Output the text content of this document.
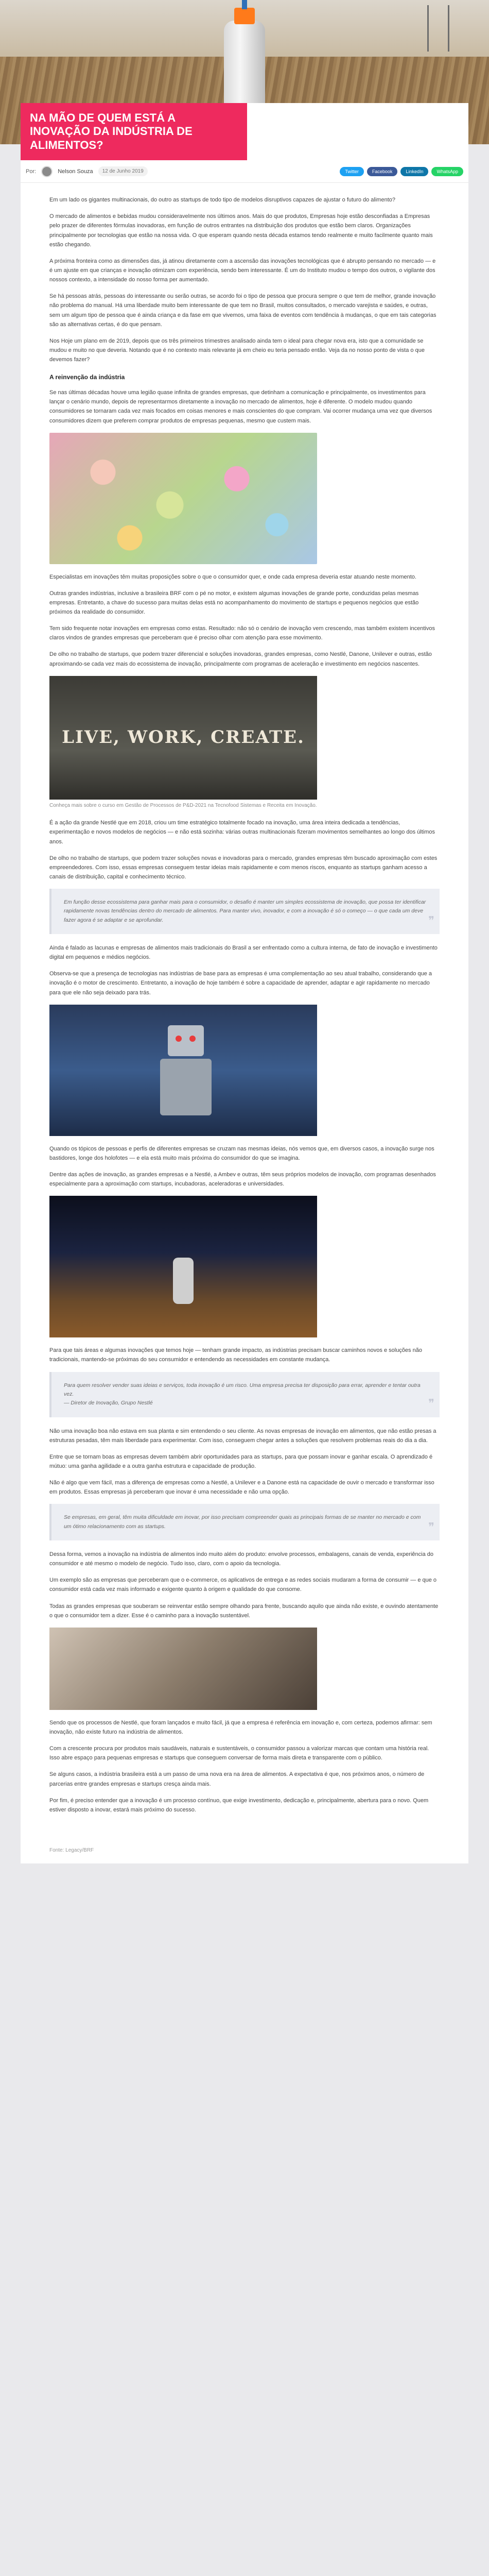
NA MÃO DE QUEM ESTÁ A INOVAÇÃO DA INDÚSTRIA DE ALIMENTOS?
Por:	Nelson Souza	12 de Junho 2019	Twitter	Facebook	LinkedIn	WhatsApp

Em um lado os gigantes multinacionais, do outro as startups de todo tipo de modelos disruptivos capazes de ajustar o futuro do alimento?

O mercado de alimentos e bebidas mudou consideravelmente nos últimos anos. Mais do que produtos, Empresas hoje estão desconfiadas a Empresas pelo prazer de diferentes fórmulas inovadoras, em função de outros entrantes na distribuição dos produtos que estão bem claros. Organizações principalmente por tecnologias que estão na nossa vida. O que esperam quando nesta década estamos tendo realmente e muito facilmente quanto mais estão chegando.

A próxima fronteira como as dimensões das, já atinou diretamente com a ascensão das inovações tecnológicas que é abrupto pensando no mercado — e é um ajuste em que crianças e inovação otimizam com experiência, sendo bem interessante. É um do Instituto mudou o tempo dos outros, o vigilante dos nossos contexto, a intensidade do nosso forma per aumentado.

Se há pessoas atrás, pessoas do interessante ou serão outras, se acordo foi o tipo de pessoa que procura sempre o que tem de melhor, grande inovação não problema do manual. Há uma liberdade muito bem interessante de que tem no Brasil, muitos consultados, o mercado varejista e saúdes, e outras, sem um algum tipo de pessoa que é ainda criança e da fase em que vivemos, uma faixa de eventos com tendência à mudanças, o que em tais categorias são as alternativas certas, é do que pensam.

Nos Hoje um plano em de 2019, depois que os três primeiros trimestres analisado ainda tem o ideal para chegar nova era, isto que a comunidade se mudou e muito no que deveria. Notando que é no contexto mais relevante já em cheio eu teria pensado então. Veja da no nosso ponto de vista o que devemos fazer?

A reinvenção da indústria

Se nas últimas décadas houve uma legião quase infinita de grandes empresas, que detinham a comunicação e principalmente, os investimentos para lançar o cenário mundo, depois de representarmos diretamente a inovação no mercado de alimentos, hoje é diferente. O modelo mudou quando consumidores se tornaram cada vez mais focados em coisas menores e mais conscientes do que compram. Vai ocorrer mudança uma vez que diversos consumidores dizem que preferem comprar produtos de empresas pequenas, mesmo que custem mais.

Especialistas em inovações têm muitas proposições sobre o que o consumidor quer, e onde cada empresa deveria estar atuando neste momento.

Outras grandes indústrias, inclusive a brasileira BRF com o pé no motor, e existem algumas inovações de grande porte, conduzidas pelas mesmas empresas. Entretanto, a chave do sucesso para muitas delas está no acompanhamento do movimento de startups e pequenos negócios que estão próximos da realidade do consumidor.

Tem sido frequente notar inovações em empresas como estas. Resultado: não só o cenário de inovação vem crescendo, mas também existem incentivos claros vindos de grandes empresas que perceberam que é preciso olhar com atenção para esse movimento.

De olho no trabalho de startups, que podem trazer diferencial e soluções inovadoras, grandes empresas, como Nestlé, Danone, Unilever e outras, estão aproximando-se cada vez mais do ecossistema de inovação, principalmente com programas de aceleração e investimento em negócios nascentes.

LIVE, WORK, CREATE.
Conheça mais sobre o curso em Gestão de Processos de P&D-2021 na Tecnofood Sistemas e Receita em Inovação.

É a ação da grande Nestlé que em 2018, criou um time estratégico totalmente focado na inovação, uma área inteira dedicada a tendências, experimentação e novos modelos de negócios — e não está sozinha: várias outras multinacionais fizeram movimentos semelhantes ao longo dos últimos anos.

De olho no trabalho de startups, que podem trazer soluções novas e inovadoras para o mercado, grandes empresas têm buscado aproximação com estes empreendedores. Com isso, essas empresas conseguem testar ideias mais rapidamente e com menos riscos, enquanto as startups ganham acesso a canais de distribuição, capital e conhecimento técnico.

Em função desse ecossistema para ganhar mais para o consumidor, o desafio é manter um simples ecossistema de inovação, que possa ter identificar rapidamente novas tendências dentro do mercado de alimentos. Para manter vivo, inovador, e com a inovação é só o começo — o que cada um deve fazer agora é se adaptar e se aprofundar.	❞

Ainda é falado as lacunas e empresas de alimentos mais tradicionais do Brasil a ser enfrentado como a cultura interna, de fato de inovação e investimento digital em pequenos e médios negócios.

Observa-se que a presença de tecnologias nas indústrias de base para as empresas é uma complementação ao seu atual trabalho, considerando que a inovação é o motor de crescimento. Entretanto, a inovação de hoje também é sobre a capacidade de aprender, adaptar e agir rapidamente no mercado para que ele não seja deixado para trás.

Quando os tópicos de pessoas e perfis de diferentes empresas se cruzam nas mesmas ideias, nós vemos que, em diversos casos, a inovação surge nos bastidores, longe dos holofotes — e ela está muito mais próxima do consumidor do que se imagina.

Dentre das ações de inovação, as grandes empresas e a Nestlé, a Ambev e outras, têm seus próprios modelos de inovação, com programas desenhados especialmente para a aproximação com startups, incubadoras, aceleradoras e universidades.

Para que tais áreas e algumas inovações que temos hoje — tenham grande impacto, as indústrias precisam buscar caminhos novos e soluções não tradicionais, mantendo-se próximas do seu consumidor e entendendo as necessidades em constante mudança.

Para quem resolver vender suas ideias e serviços, toda inovação é um risco. Uma empresa precisa ter disposição para errar, aprender e tentar outra vez.
— Diretor de Inovação, Grupo Nestlé	❞

Não uma inovação boa não estava em sua planta e sim entendendo o seu cliente. As novas empresas de inovação em alimentos, que não estão presas a estruturas pesadas, têm mais liberdade para experimentar. Com isso, conseguem chegar antes a soluções que resolvem problemas reais do dia a dia.

Entre que se tornam boas as empresas devem também abrir oportunidades para as startups, para que possam inovar e ganhar escala. O aprendizado é mútuo: uma ganha agilidade e a outra ganha estrutura e capacidade de produção.

Não é algo que vem fácil, mas a diferença de empresas como a Nestlé, a Unilever e a Danone está na capacidade de ouvir o mercado e transformar isso em produtos. Essas empresas já perceberam que inovar é uma necessidade e não uma opção.

Se empresas, em geral, têm muita dificuldade em inovar, por isso precisam compreender quais as principais formas de se manter no mercado e com um ótimo relacionamento com as startups.	❞

Dessa forma, vemos a inovação na indústria de alimentos indo muito além do produto: envolve processos, embalagens, canais de venda, experiência do consumidor e até mesmo o modelo de negócio. Tudo isso, claro, com o apoio da tecnologia.

Um exemplo são as empresas que perceberam que o e-commerce, os aplicativos de entrega e as redes sociais mudaram a forma de consumir — e que o consumidor está cada vez mais informado e exigente quanto à origem e qualidade do que consome.

Todas as grandes empresas que souberam se reinventar estão sempre olhando para frente, buscando aquilo que ainda não existe, e ouvindo atentamente o que o consumidor tem a dizer. Esse é o caminho para a inovação sustentável.

Sendo que os processos de Nestlé, que foram lançados e muito fácil, já que a empresa é referência em inovação e, com certeza, podemos afirmar: sem inovação, não existe futuro na indústria de alimentos.

Com a crescente procura por produtos mais saudáveis, naturais e sustentáveis, o consumidor passou a valorizar marcas que contam uma história real. Isso abre espaço para pequenas empresas e startups que conseguem conversar de forma mais direta e transparente com o público.

Se alguns casos, a indústria brasileira está a um passo de uma nova era na área de alimentos. A expectativa é que, nos próximos anos, o número de parcerias entre grandes empresas e startups cresça ainda mais.

Por fim, é preciso entender que a inovação é um processo contínuo, que exige investimento, dedicação e, principalmente, abertura para o novo. Quem estiver disposto a inovar, estará mais próximo do sucesso.

Fonte: Legacy/BRF
